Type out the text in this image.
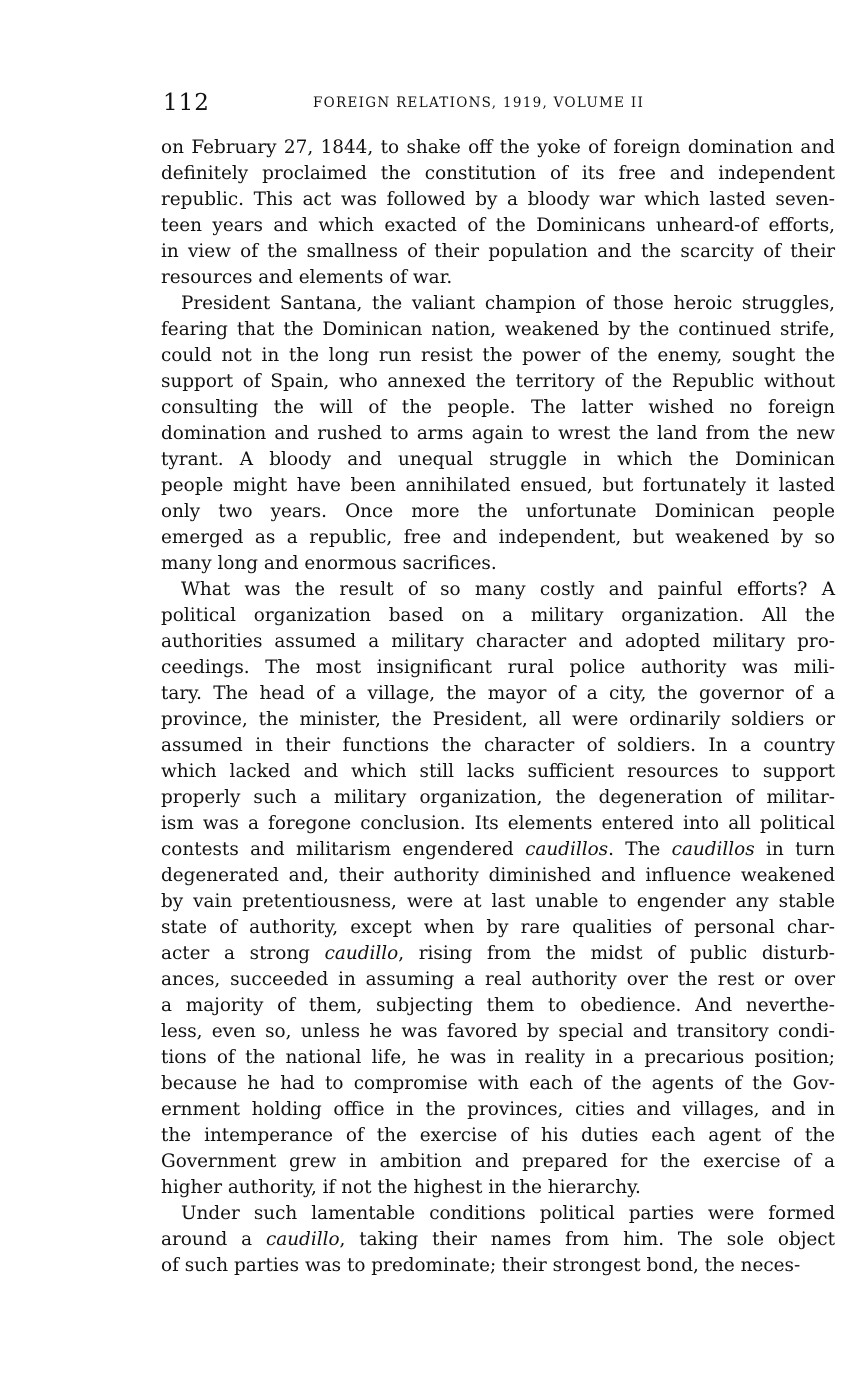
112	FOREIGN RELATIONS, 1919, VOLUME II
on February 27, 1844, to shake off the yoke of foreign domination and
definitely proclaimed the constitution of its free and independent
republic. This act was followed by a bloody war which lasted seven-
teen years and which exacted of the Dominicans unheard-of efforts,
in view of the smallness of their population and the scarcity of their
resources and elements of war.
President Santana, the valiant champion of those heroic struggles,
fearing that the Dominican nation, weakened by the continued strife,
could not in the long run resist the power of the enemy, sought the
support of Spain, who annexed the territory of the Republic without
consulting the will of the people. The latter wished no foreign
domination and rushed to arms again to wrest the land from the new
tyrant. A bloody and unequal struggle in which the Dominican
people might have been annihilated ensued, but fortunately it lasted
only two years. Once more the unfortunate Dominican people
emerged as a republic, free and independent, but weakened by so
many long and enormous sacrifices.
What was the result of so many costly and painful efforts? A
political organization based on a military organization. All the
authorities assumed a military character and adopted military pro-
ceedings. The most insignificant rural police authority was mili-
tary. The head of a village, the mayor of a city, the governor of a
province, the minister, the President, all were ordinarily soldiers or
assumed in their functions the character of soldiers. In a country
which lacked and which still lacks sufficient resources to support
properly such a military organization, the degeneration of militar-
ism was a foregone conclusion. Its elements entered into all political
contests and militarism engendered caudillos. The caudillos in turn
degenerated and, their authority diminished and influence weakened
by vain pretentiousness, were at last unable to engender any stable
state of authority, except when by rare qualities of personal char-
acter a strong caudillo, rising from the midst of public disturb-
ances, succeeded in assuming a real authority over the rest or over
a majority of them, subjecting them to obedience. And neverthe-
less, even so, unless he was favored by special and transitory condi-
tions of the national life, he was in reality in a precarious position;
because he had to compromise with each of the agents of the Gov-
ernment holding office in the provinces, cities and villages, and in
the intemperance of the exercise of his duties each agent of the
Government grew in ambition and prepared for the exercise of a
higher authority, if not the highest in the hierarchy.
Under such lamentable conditions political parties were formed
around a caudillo, taking their names from him. The sole object
of such parties was to predominate; their strongest bond, the neces-
